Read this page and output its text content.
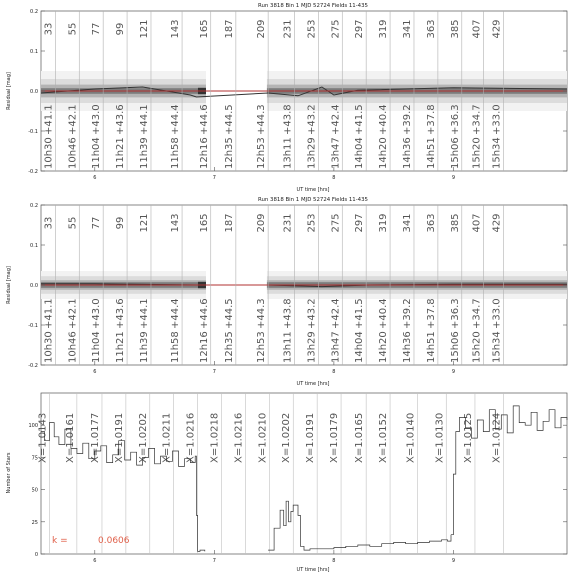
Run 3818 Bin 1 MJD 52724 Fields 11-435
33
10h30
+41.1
55
10h46
+42.1
77
11h04
+43.0
99
11h21
+43.6
121
11h39
+44.1
143
11h58
+44.4
165
12h16
+44.6
187
12h35
+44.5
209
12h53
+44.3
231
13h11
+43.8
253
13h29
+43.2
275
13h47
+42.4
297
14h04
+41.5
319
14h20
+40.4
341
14h36
+39.2
363
14h51
+37.8
385
15h06
+36.3
407
15h20
+34.7
429
15h34
+33.0
-0.2
-0.1
0.0
0.1
0.2
6	7	8	9
Residual [mag]
UT time [hrs]
Run 3818 Bin 1 MJD 52724 Fields 11-435
33
10h30
+41.1
55
10h46
+42.1
77
11h04
+43.0
99
11h21
+43.6
121
11h39
+44.1
143
11h58
+44.4
165
12h16
+44.6
187
12h35
+44.5
209
12h53
+44.3
231
13h11
+43.8
253
13h29
+43.2
275
13h47
+42.4
297
14h04
+41.5
319
14h20
+40.4
341
14h36
+39.2
363
14h51
+37.8
385
15h06
+36.3
407
15h20
+34.7
429
15h34
+33.0
-0.2
-0.1
0.0
0.1
0.2
6	7	8	9
Residual [mag]
UT time [hrs]
X=1.0143 X=1.0161 X=1.0177 X=1.0191 X=1.0202 X=1.0211 X=1.0216 X=1.0218 X=1.0216 X=1.0210 X=1.0202 X=1.0191 X=1.0179 X=1.0165 X=1.0152 X=1.0140 X=1.0130 X=1.0125 X=1.0124
0
25
50
75
100
6	7	8	9
Number of Stars
UT time [hrs]
k =	0.0606
